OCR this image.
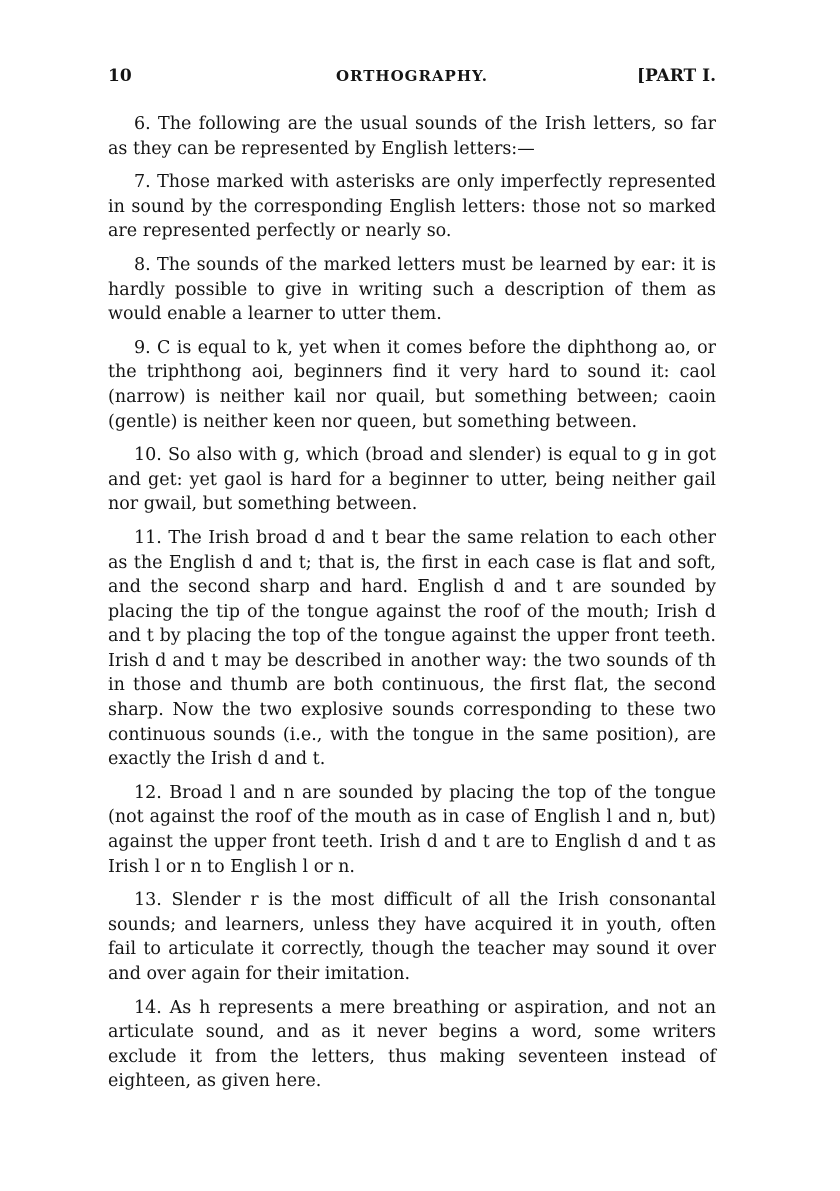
10	ORTHOGRAPHY.	[PART I.

6. The following are the usual sounds of the Irish letters, so far as they can be represented by English letters:—

7. Those marked with asterisks are only imperfectly represented in sound by the corresponding English letters: those not so marked are represented perfectly or nearly so.

8. The sounds of the marked letters must be learned by ear: it is hardly possible to give in writing such a description of them as would enable a learner to utter them.

9. C is equal to k, yet when it comes before the diphthong ao, or the triphthong aoi, beginners find it very hard to sound it: caol (narrow) is neither kail nor quail, but something between; caoin (gentle) is neither keen nor queen, but something between.

10. So also with g, which (broad and slender) is equal to g in got and get: yet gaol is hard for a beginner to utter, being neither gail nor gwail, but something between.

11. The Irish broad d and t bear the same relation to each other as the English d and t; that is, the first in each case is flat and soft, and the second sharp and hard. English d and t are sounded by placing the tip of the tongue against the roof of the mouth; Irish d and t by placing the top of the tongue against the upper front teeth. Irish d and t may be described in another way: the two sounds of th in those and thumb are both continuous, the first flat, the second sharp. Now the two explosive sounds corresponding to these two continuous sounds (i.e., with the tongue in the same position), are exactly the Irish d and t.

12. Broad l and n are sounded by placing the top of the tongue (not against the roof of the mouth as in case of English l and n, but) against the upper front teeth. Irish d and t are to English d and t as Irish l or n to English l or n.

13. Slender r is the most difficult of all the Irish consonantal sounds; and learners, unless they have acquired it in youth, often fail to articulate it correctly, though the teacher may sound it over and over again for their imitation.

14. As h represents a mere breathing or aspiration, and not an articulate sound, and as it never begins a word, some writers exclude it from the letters, thus making seventeen instead of eighteen, as given here.
